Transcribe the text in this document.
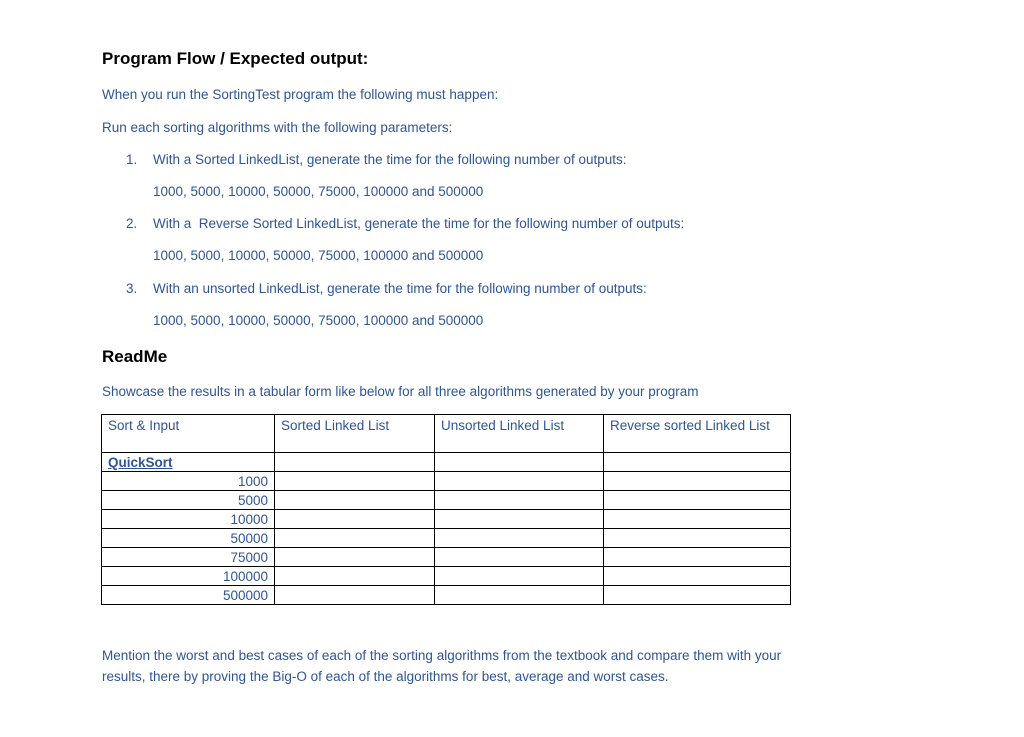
Program Flow / Expected output:

When you run the SortingTest program the following must happen:

Run each sorting algorithms with the following parameters:

1. With a Sorted LinkedList, generate the time for the following number of outputs:
1000, 5000, 10000, 50000, 75000, 100000 and 500000
2. With a  Reverse Sorted LinkedList, generate the time for the following number of outputs:
1000, 5000, 10000, 50000, 75000, 100000 and 500000
3. With an unsorted LinkedList, generate the time for the following number of outputs:
1000, 5000, 10000, 50000, 75000, 100000 and 500000
ReadMe

Showcase the results in a tabular form like below for all three algorithms generated by your program

Sort & Input	Sorted Linked List	Unsorted Linked List	Reverse sorted Linked List
QuickSort			
1000			
5000			
10000			
50000			
75000			
100000			
500000			

Mention the worst and best cases of each of the sorting algorithms from the textbook and compare them with your results, there by proving the Big-O of each of the algorithms for best, average and worst cases.
